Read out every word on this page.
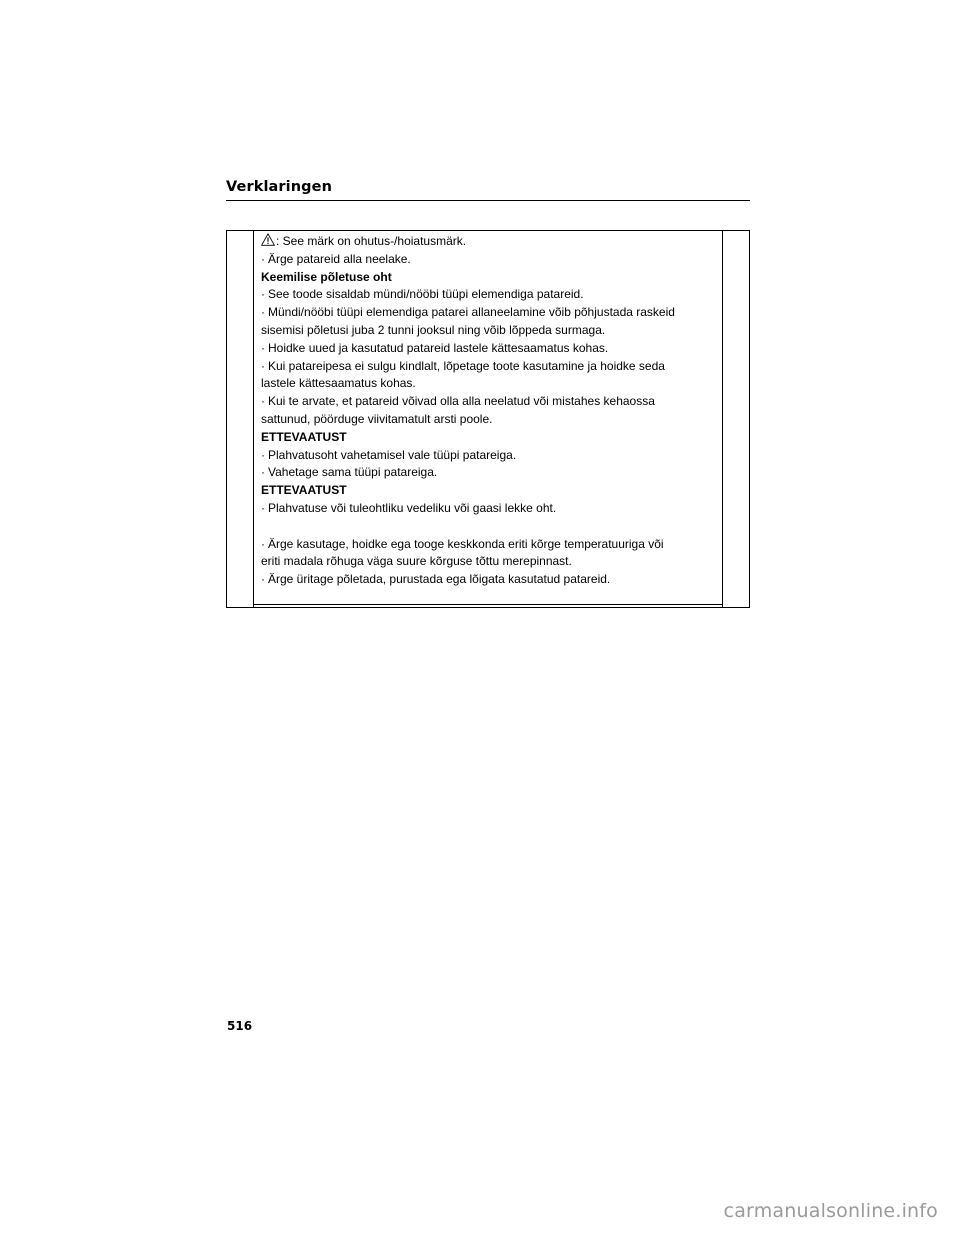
Verklaringen
: See märk on ohutus-/hoiatusmärk.
· Ärge patareid alla neelake.
Keemilise põletuse oht
· See toode sisaldab mündi/nööbi tüüpi elemendiga patareid.
· Mündi/nööbi tüüpi elemendiga patarei allaneelamine võib põhjustada raskeid
sisemisi põletusi juba 2 tunni jooksul ning võib lõppeda surmaga.
· Hoidke uued ja kasutatud patareid lastele kättesaamatus kohas.
· Kui patareipesa ei sulgu kindlalt, lõpetage toote kasutamine ja hoidke seda
lastele kättesaamatus kohas.
· Kui te arvate, et patareid võivad olla alla neelatud või mistahes kehaossa
sattunud, pöörduge viivitamatult arsti poole.
ETTEVAATUST
· Plahvatusoht vahetamisel vale tüüpi patareiga.
· Vahetage sama tüüpi patareiga.
ETTEVAATUST
· Plahvatuse või tuleohtliku vedeliku või gaasi lekke oht.
· Ärge kasutage, hoidke ega tooge keskkonda eriti kõrge temperatuuriga või
eriti madala rõhuga väga suure kõrguse tõttu merepinnast.
· Ärge üritage põletada, purustada ega lõigata kasutatud patareid.
516
carmanualsonline.info
